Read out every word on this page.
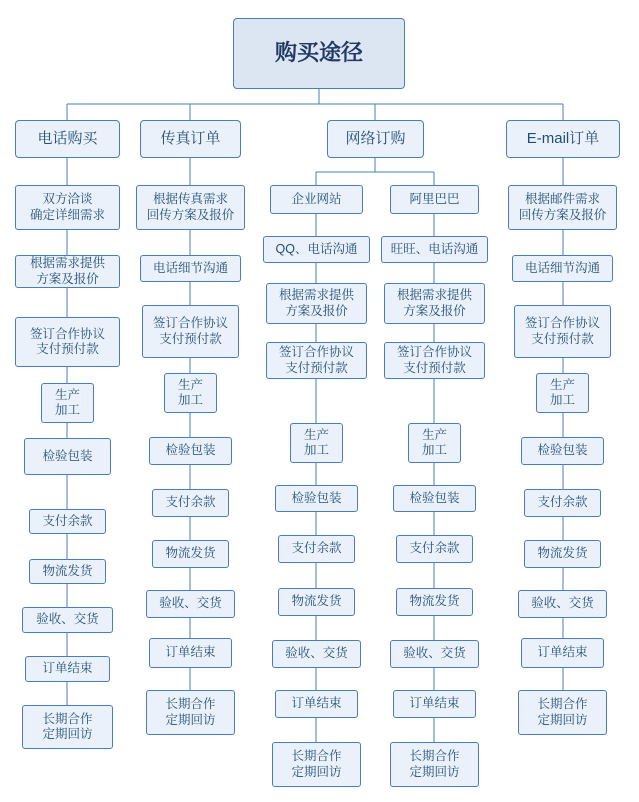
购买途径
电话购买
双方洽谈
确定详细需求
根据需求提供
方案及报价
签订合作协议
支付预付款
生产
加工
检验包装
支付余款
物流发货
验收、交货
订单结束
长期合作
定期回访
传真订单
根据传真需求
回传方案及报价
电话细节沟通
签订合作协议
支付预付款
生产
加工
检验包装
支付余款
物流发货
验收、交货
订单结束
长期合作
定期回访
网络订购
企业网站
QQ、电话沟通
根据需求提供
方案及报价
签订合作协议
支付预付款
生产
加工
检验包装
支付余款
物流发货
验收、交货
订单结束
长期合作
定期回访
阿里巴巴
旺旺、电话沟通
根据需求提供
方案及报价
签订合作协议
支付预付款
生产
加工
检验包装
支付余款
物流发货
验收、交货
订单结束
长期合作
定期回访
E-mail订单
根据邮件需求
回传方案及报价
电话细节沟通
签订合作协议
支付预付款
生产
加工
检验包装
支付余款
物流发货
验收、交货
订单结束
长期合作
定期回访
